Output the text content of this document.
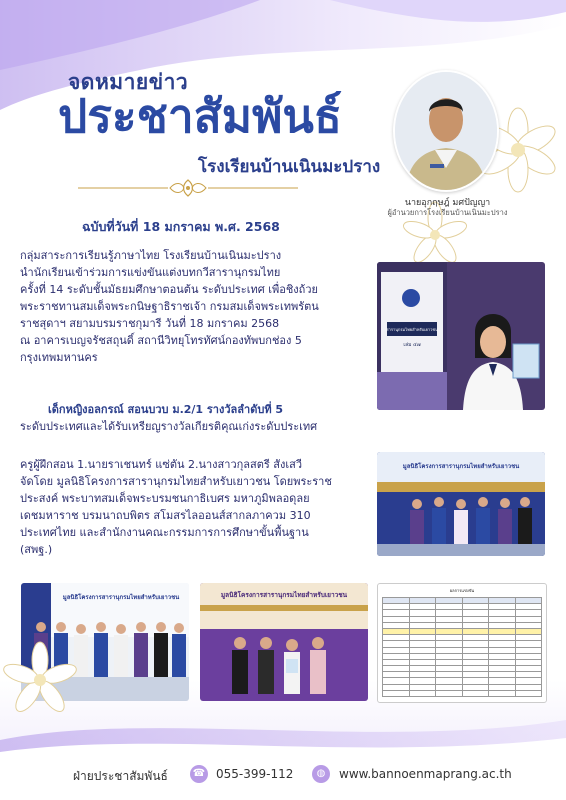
จดหมายข่าว
ประชาสัมพันธ์
โรงเรียนบ้านเนินมะปราง
นายอุกฤษฎ์ มศปัญญา
ผู้อำนวยการโรงเรียนบ้านเนินมะปราง
ฉบับที่วันที่ 18 มกราคม พ.ศ. 2568

กลุ่มสาระการเรียนรู้ภาษาไทย โรงเรียนบ้านเนินมะปราง
นำนักเรียนเข้าร่วมการแข่งขันแต่งบทกวีสารานุกรมไทย
ครั้งที่ 14 ระดับชั้นมัธยมศึกษาตอนต้น ระดับประเทศ เพื่อชิงถ้วย
พระราชทานสมเด็จพระกนิษฐาธิราชเจ้า กรมสมเด็จพระเทพรัตน
ราชสุดาฯ สยามบรมราชกุมารี วันที่ 18 มกราคม 2568
ณ อาคารเบญจรัชสถุนดิ์ สถานีวิทยุโทรทัศน์กองทัพบกช่อง 5
กรุงเทพมหานคร

เด็กหญิงอลกรณ์ สอนบวบ ม.2/1 รางวัลลำดับที่ 5
ระดับประเทศและได้รับเหรียญรางวัลเกียรติคุณเก่งระดับประเทศ

ครูผู้ฝึกสอน 1.นายราเชนทร์ แซ่ตัน 2.นางสาวกุลสตรี สังเสวี
จัดโดย มูลนิธิโครงการสารานุกรมไทยสำหรับเยาวชน โดยพระราช
ประสงค์ พระบาทสมเด็จพระบรมชนกาธิเบศร มหาภูมิพลอดุลย
เดชมหาราช บรมนาถบพิตร สโมสรไลออนส์สากลภาควม 310
ประเทศไทย และสำนักงานคณะกรรมการการศึกษาขั้นพื้นฐาน
(สพฐ.)

สารานุกรมไทยสำหรับเยาวชน
เล่ม ๔๗
มูลนิธิโครงการสารานุกรมไทยสำหรับเยาวชน
มูลนิธิโครงการสารานุกรมไทยสำหรับเยาวชน	มูลนิธิโครงการสารานุกรมไทยสำหรับเยาวชน
ผลการแข่งขัน

ฝ่ายประชาสัมพันธ์ ☎ 055-399-112	◍	www.bannoenmaprang.ac.th
